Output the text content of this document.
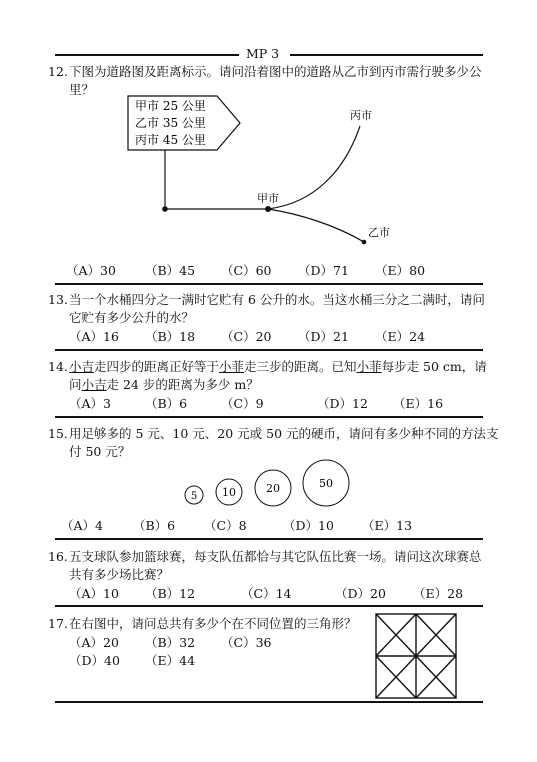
MP 3
12. 下图为道路图及距离标示。请问沿着图中的道路从乙市到丙市需行驶多少公
里？
甲市 25 公里
乙市 35 公里
丙市 45 公里
甲市
丙市
乙市
5 10	20	50
（A）30 （B）45 （C）60 （D）71 （E）80
13. 当一个水桶四分之一满时它贮有 6 公升的水。当这水桶三分之二满时，请问
它贮有多少公升的水？
（A）16 （B）18 （C）20 （D）21 （E）24
14. 小吉走四步的距离正好等于小菲走三步的距离。已知小菲每步走 50 cm，请
问小吉走 24 步的距离为多少 m？
（A）3	（B）6	（C）9	（D）12 （E）16
15. 用足够多的 5 元、10 元、20 元或 50 元的硬币，请问有多少种不同的方法支
付 50 元？
（A）4 （B）6 （C）8	（D）10 （E）13
16. 五支球队参加篮球赛，每支队伍都恰与其它队伍比赛一场。请问这次球赛总
共有多少场比赛？
（A）10 （B）12	（C）14	（D）20 （E）28
17. 在右图中，请问总共有多少个在不同位置的三角形？
（A）20 （B）32 （C）36
（D）40 （E）44
